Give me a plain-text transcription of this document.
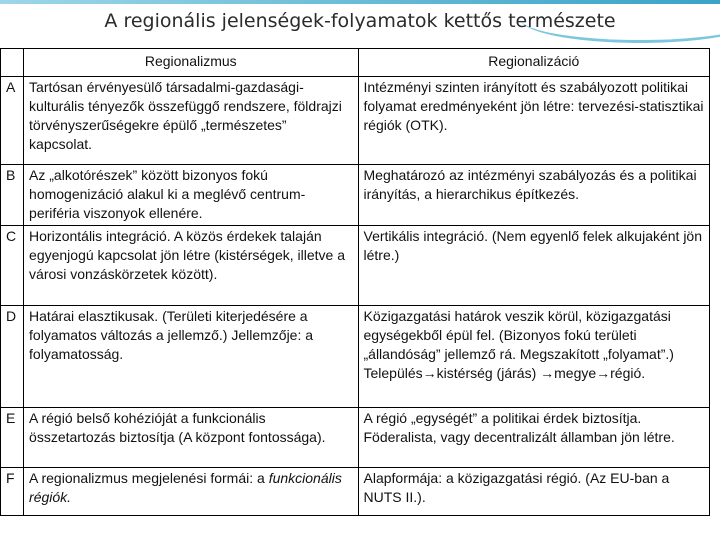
A regionális jelenségek-folyamatok kettős természete
	Regionalizmus	Regionalizáció
A	Tartósan érvényesülő társadalmi-gazdasági-kulturális tényezők összefüggő rendszere, földrajzi törvényszerűségekre épülő „természetes” kapcsolat.	Intézményi szinten irányított és szabályozott politikai folyamat eredményeként jön létre: tervezési-statisztikai régiók (OTK).
B	Az „alkotórészek” között bizonyos fokú homogenizáció alakul ki a meglévő centrum-periféria viszonyok ellenére.	Meghatározó az intézményi szabályozás és a politikai irányítás, a hierarchikus építkezés.
C	Horizontális integráció. A közös érdekek talaján egyenjogú kapcsolat jön létre (kistérségek, illetve a városi vonzáskörzetek között).	Vertikális integráció. (Nem egyenlő felek alkujaként jön létre.)
D	Határai elasztikusak. (Területi kiterjedésére a folyamatos változás a jellemző.) Jellemzője: a folyamatosság.	Közigazgatási határok veszik körül, közigazgatási egységekből épül fel. (Bizonyos fokú területi „állandóság” jellemző rá. Megszakított „folyamat”.) Település→kistérség (járás) →megye→régió.
E	A régió belső kohézióját a funkcionális összetartozás biztosítja (A központ fontossága).	A régió „egységét” a politikai érdek biztosítja. Föderalista, vagy decentralizált államban jön létre.
F	A regionalizmus megjelenési formái: a funkcionális régiók.	Alapformája: a közigazgatási régió. (Az EU-ban a NUTS II.).
